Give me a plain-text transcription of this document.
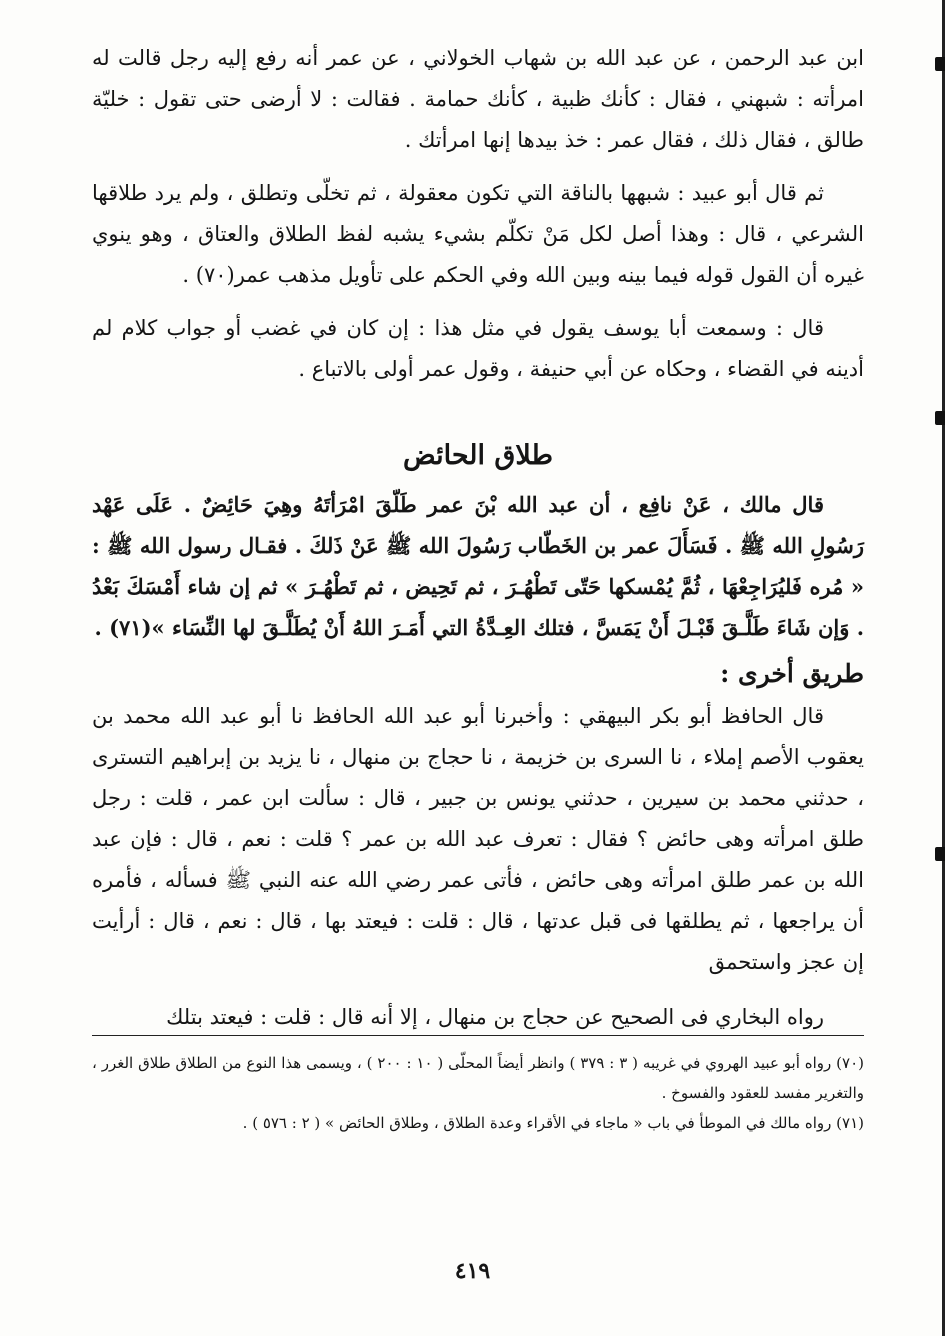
ابن عبد الرحمن ، عن عبد الله بن شهاب الخولاني ، عن عمر أنه رفع إليه رجل قالت له امرأته : شبهني ، فقال : كأنك ظبية ، كأنك حمامة . فقالت : لا أرضى حتى تقول : خليّة طالق ، فقال ذلك ، فقال عمر : خذ بيدها إنها امرأتك .

ثم قال أبو عبيد : شبهها بالناقة التي تكون معقولة ، ثم تخلّى وتطلق ، ولم يرد طلاقها الشرعي ، قال : وهذا أصل لكل مَنْ تكلّم بشيء يشبه لفظ الطلاق والعتاق ، وهو ينوي غيره أن القول قوله فيما بينه وبين الله وفي الحكم على تأويل مذهب عمر(٧٠) .

قال : وسمعت أبا يوسف يقول في مثل هذا : إن كان في غضب أو جواب كلام لم أدينه في القضاء ، وحكاه عن أبي حنيفة ، وقول عمر أولى بالاتباع .

طلاق الحائض

قال مالك ، عَنْ نافِع ، أن عبد الله بْنَ عمر طَلّقَ امْرَأتَهُ وهِيَ حَائِضٌ . عَلَى عَهْد رَسُولِ الله ﷺ . فَسَأَلَ عمر بن الخَطّاب رَسُولَ الله ﷺ عَنْ ذَلكَ . فقـال رسول الله ﷺ : « مُره فَليُرَاجِعْهَا ، ثُمَّ يُمْسكها حَتّى تَطْهُـرَ ، ثم تَحِيض ، ثم تَطْهُـرَ » ثم إن شاء أَمْسَكَ بَعْدُ . وَإن شَاءَ طَلَّـقَ قَبْـلَ أَنْ يَمَسَّ ، فتلك العِـدَّةُ التي أَمَـرَ اللهُ أَنْ يُطَلَّـقَ لها النِّسَاء »(٧١) .

طريق أخرى :

قال الحافظ أبو بكر البيهقي : وأخبرنا أبو عبد الله الحافظ نا أبو عبد الله محمد بن يعقوب الأصم إملاء ، نا السرى بن خزيمة ، نا حجاج بن منهال ، نا يزيد بن إبراهيم التسترى ، حدثني محمد بن سيرين ، حدثني يونس بن جبير ، قال : سألت ابن عمر ، قلت : رجل طلق امرأته وهى حائض ؟ فقال : تعرف عبد الله بن عمر ؟ قلت : نعم ، قال : فإن عبد الله بن عمر طلق امرأته وهى حائض ، فأتى عمر رضي الله عنه النبي ﷺ فسأله ، فأمره أن يراجعها ، ثم يطلقها فى قبل عدتها ، قال : قلت : فيعتد بها ، قال : نعم ، قال : أرأيت إن عجز واستحمق

رواه البخاري فى الصحيح عن حجاج بن منهال ، إلا أنه قال : قلت : فيعتد بتلك

(٧٠) رواه أبو عبيد الهروي في غريبه ( ٣ : ٣٧٩ ) وانظر أيضاً المحلّى ( ١٠ : ٢٠٠ ) ، ويسمى هذا النوع من الطلاق طلاق الغرر ، والتغرير مفسد للعقود والفسوخ .

(٧١) رواه مالك في الموطأ في باب « ماجاء في الأقراء وعدة الطلاق ، وطلاق الحائض » ( ٢ : ٥٧٦ ) .

٤١٩
